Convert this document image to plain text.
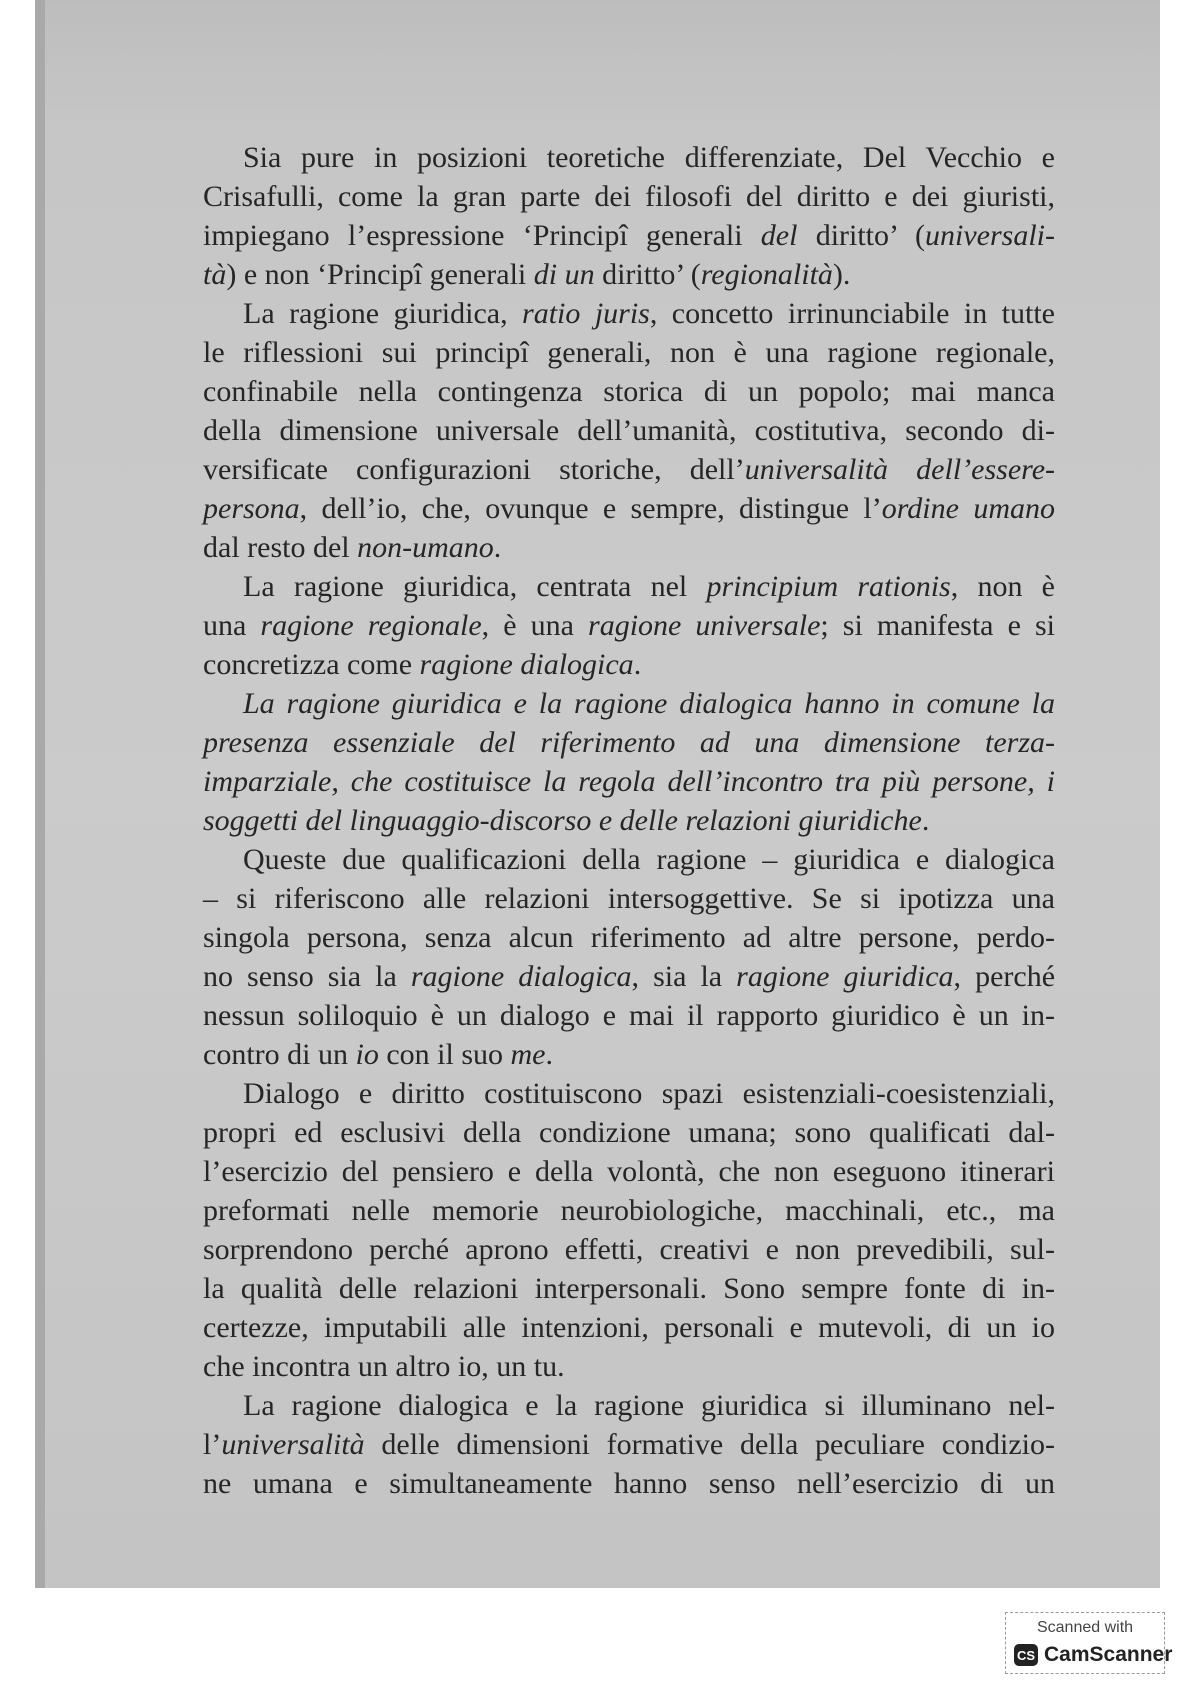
Sia pure in posizioni teoretiche differenziate, Del Vecchio e
Crisafulli, come la gran parte dei filosofi del diritto e dei giuristi,
impiegano l’espressione ‘Principî generali del diritto’ (universali-
tà) e non ‘Principî generali di un diritto’ (regionalità).
La ragione giuridica, ratio juris, concetto irrinunciabile in tutte
le riflessioni sui principî generali, non è una ragione regionale,
confinabile nella contingenza storica di un popolo; mai manca
della dimensione universale dell’umanità, costitutiva, secondo di-
versificate configurazioni storiche, dell’universalità dell’essere-
persona, dell’io, che, ovunque e sempre, distingue l’ordine umano
dal resto del non-umano.
La ragione giuridica, centrata nel principium rationis, non è
una ragione regionale, è una ragione universale; si manifesta e si
concretizza come ragione dialogica.
La ragione giuridica e la ragione dialogica hanno in comune la
presenza essenziale del riferimento ad una dimensione terza-
imparziale, che costituisce la regola dell’incontro tra più persone, i
soggetti del linguaggio-discorso e delle relazioni giuridiche.
Queste due qualificazioni della ragione – giuridica e dialogica
– si riferiscono alle relazioni intersoggettive. Se si ipotizza una
singola persona, senza alcun riferimento ad altre persone, perdo-
no senso sia la ragione dialogica, sia la ragione giuridica, perché
nessun soliloquio è un dialogo e mai il rapporto giuridico è un in-
contro di un io con il suo me.
Dialogo e diritto costituiscono spazi esistenziali-coesistenziali,
propri ed esclusivi della condizione umana; sono qualificati dal-
l’esercizio del pensiero e della volontà, che non eseguono itinerari
preformati nelle memorie neurobiologiche, macchinali, etc., ma
sorprendono perché aprono effetti, creativi e non prevedibili, sul-
la qualità delle relazioni interpersonali. Sono sempre fonte di in-
certezze, imputabili alle intenzioni, personali e mutevoli, di un io
che incontra un altro io, un tu.
La ragione dialogica e la ragione giuridica si illuminano nel-
l’universalità delle dimensioni formative della peculiare condizio-
ne umana e simultaneamente hanno senso nell’esercizio di un
Scanned with
CS CamScanner
